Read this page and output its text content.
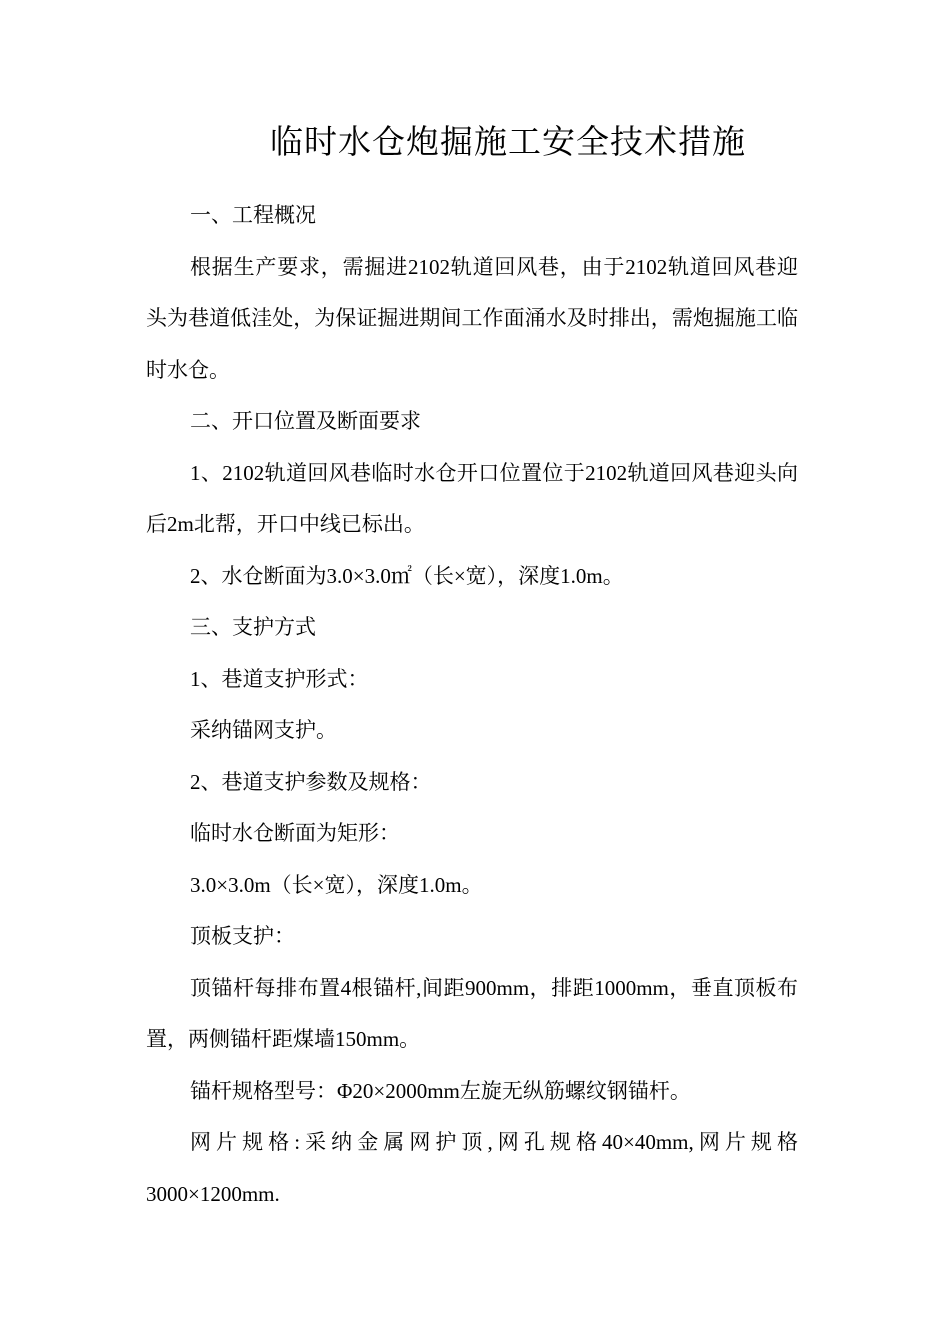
临时水仓炮掘施工安全技术措施

一、工程概况

根据生产要求，需掘进2102轨道回风巷，由于2102轨道回风巷迎头为巷道低洼处，为保证掘进期间工作面涌水及时排出，需炮掘施工临时水仓。

二、开口位置及断面要求

1、2102轨道回风巷临时水仓开口位置位于2102轨道回风巷迎头向后2m北帮，开口中线已标出。

2、水仓断面为3.0×3.0㎡（长×宽），深度1.0m。

三、支护方式

1、巷道支护形式：

采纳锚网支护。

2、巷道支护参数及规格：

临时水仓断面为矩形：

3.0×3.0m（长×宽），深度1.0m。

顶板支护：

顶锚杆每排布置4根锚杆,间距900mm，排距1000mm，垂直顶板布置，两侧锚杆距煤墙150mm。

锚杆规格型号：Φ20×2000mm左旋无纵筋螺纹钢锚杆。

网片规格:采纳金属网护顶,网孔规格40×40mm,网片规格3000×1200mm.
